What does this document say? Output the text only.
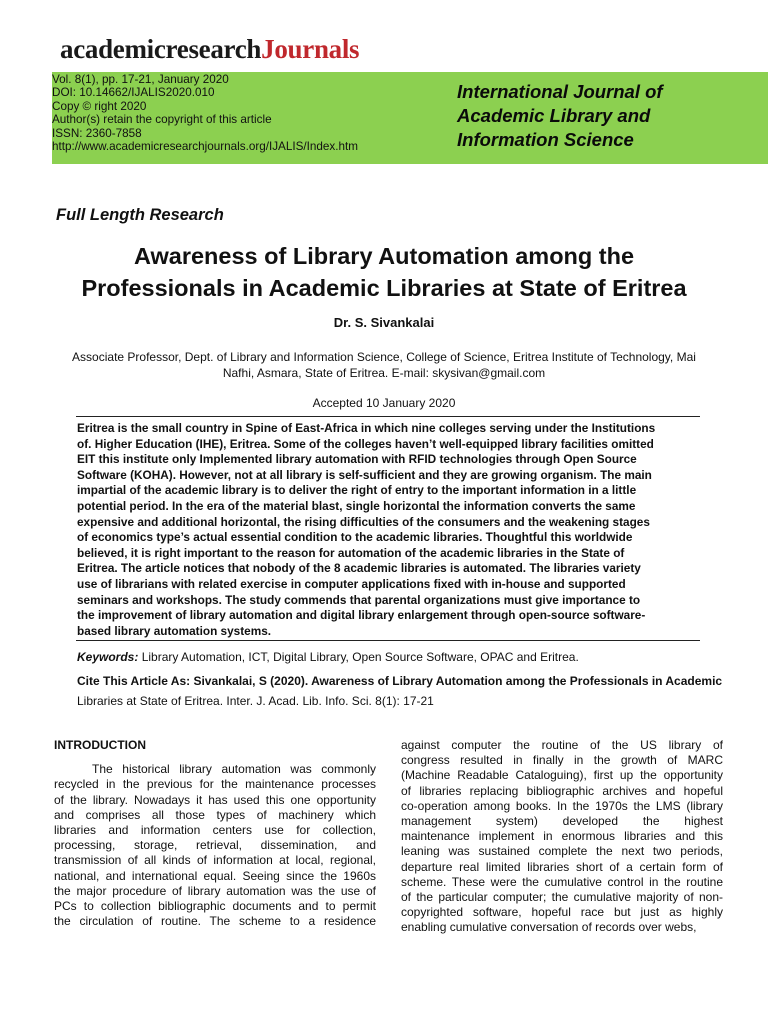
academicresearchJournals
Vol. 8(1), pp. 17-21, January 2020
DOI: 10.14662/IJALIS2020.010
Copy © right 2020
Author(s) retain the copyright of this article
ISSN: 2360-7858
http://www.academicresearchjournals.org/IJALIS/Index.htm
International Journal of
Academic Library and
Information Science
Full Length Research
Awareness of Library Automation among the
Professionals in Academic Libraries at State of Eritrea
Dr. S. Sivankalai
Associate Professor, Dept. of Library and Information Science, College of Science, Eritrea Institute of Technology, Mai
Nafhi, Asmara, State of Eritrea. E-mail: skysivan@gmail.com
Accepted 10 January 2020
Eritrea is the small country in Spine of East-Africa in which nine colleges serving under the Institutions
of. Higher Education (IHE), Eritrea. Some of the colleges haven’t well-equipped library facilities omitted
EIT this institute only Implemented library automation with RFID technologies through Open Source
Software (KOHA). However, not at all library is self-sufficient and they are growing organism. The main
impartial of the academic library is to deliver the right of entry to the important information in a little
potential period. In the era of the material blast, single horizontal the information converts the same
expensive and additional horizontal, the rising difficulties of the consumers and the weakening stages
of economics type’s actual essential condition to the academic libraries. Thoughtful this worldwide
believed, it is right important to the reason for automation of the academic libraries in the State of
Eritrea. The article notices that nobody of the 8 academic libraries is automated. The libraries variety
use of librarians with related exercise in computer applications fixed with in-house and supported
seminars and workshops. The study commends that parental organizations must give importance to
the improvement of library automation and digital library enlargement through open-source software-
based library automation systems.
Keywords: Library Automation, ICT, Digital Library, Open Source Software, OPAC and Eritrea.
Cite This Article As: Sivankalai, S (2020). Awareness of Library Automation among the Professionals in Academic
Libraries at State of Eritrea. Inter. J. Acad. Lib. Info. Sci. 8(1): 17-21
INTRODUCTION
The historical library automation was commonly
recycled in the previous for the maintenance processes
of the library. Nowadays it has used this one opportunity
and comprises all those types of machinery which
libraries and information centers use for collection,
processing, storage, retrieval, dissemination, and
transmission of all kinds of information at local, regional,
national, and international equal. Seeing since the 1960s
the major procedure of library automation was the use of
PCs to collection bibliographic documents and to permit
the circulation of routine. The scheme to a residence
against computer the routine of the US library of
congress resulted in finally in the growth of MARC
(Machine Readable Cataloguing), first up the opportunity
of libraries replacing bibliographic archives and hopeful
co-operation among books. In the 1970s the LMS (library
management system) developed the highest
maintenance implement in enormous libraries and this
leaning was sustained complete the next two periods,
departure real limited libraries short of a certain form of
scheme. These were the cumulative control in the routine
of the particular computer; the cumulative majority of non-
copyrighted software, hopeful race but just as highly
enabling cumulative conversation of records over webs,
